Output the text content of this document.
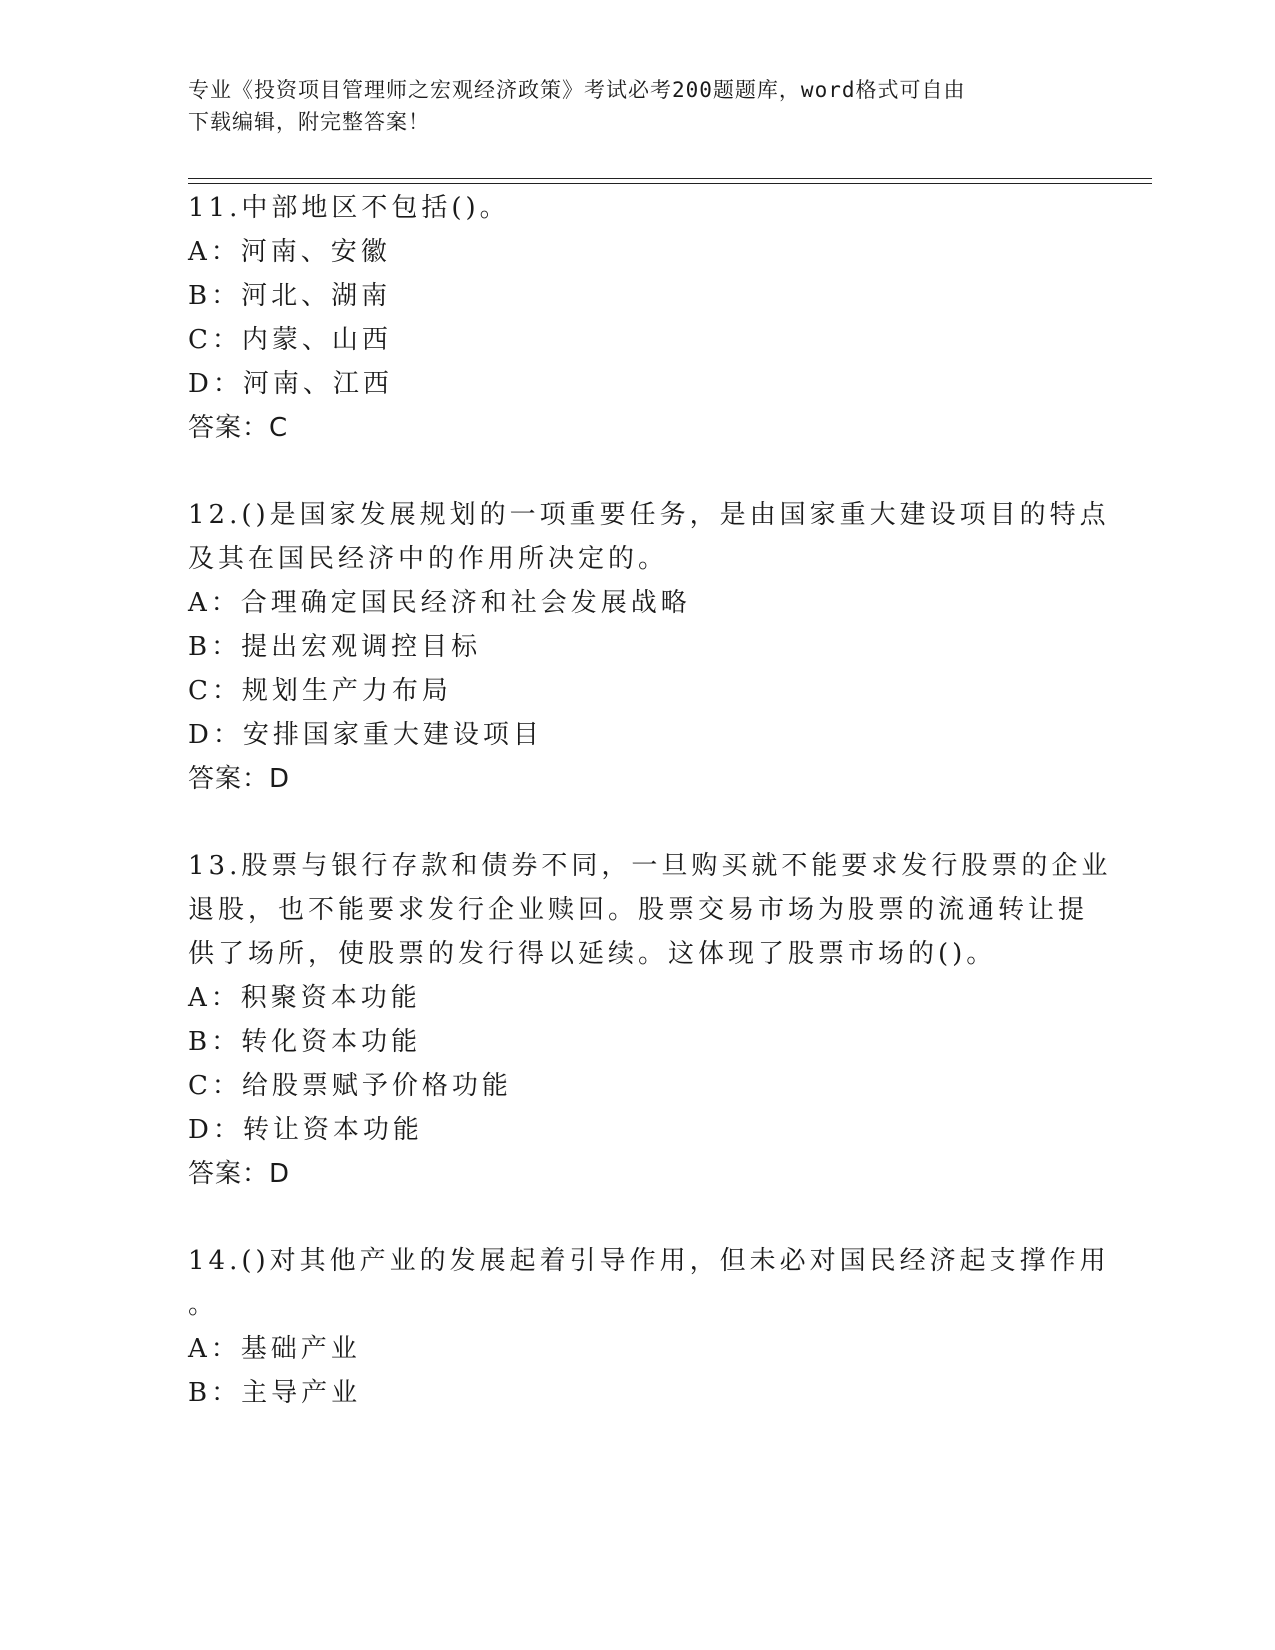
专业《投资项目管理师之宏观经济政策》考试必考200题题库，word格式可自由
下载编辑，附完整答案！
11.中部地区不包括()。
A：河南、安徽
B：河北、湖南
C：内蒙、山西
D：河南、江西
答案：C
12.()是国家发展规划的一项重要任务，是由国家重大建设项目的特点
及其在国民经济中的作用所决定的。
A：合理确定国民经济和社会发展战略
B：提出宏观调控目标
C：规划生产力布局
D：安排国家重大建设项目
答案：D
13.股票与银行存款和债券不同，一旦购买就不能要求发行股票的企业
退股，也不能要求发行企业赎回。股票交易市场为股票的流通转让提
供了场所，使股票的发行得以延续。这体现了股票市场的()。
A：积聚资本功能
B：转化资本功能
C：给股票赋予价格功能
D：转让资本功能
答案：D
14.()对其他产业的发展起着引导作用，但未必对国民经济起支撑作用
。
A：基础产业
B：主导产业
